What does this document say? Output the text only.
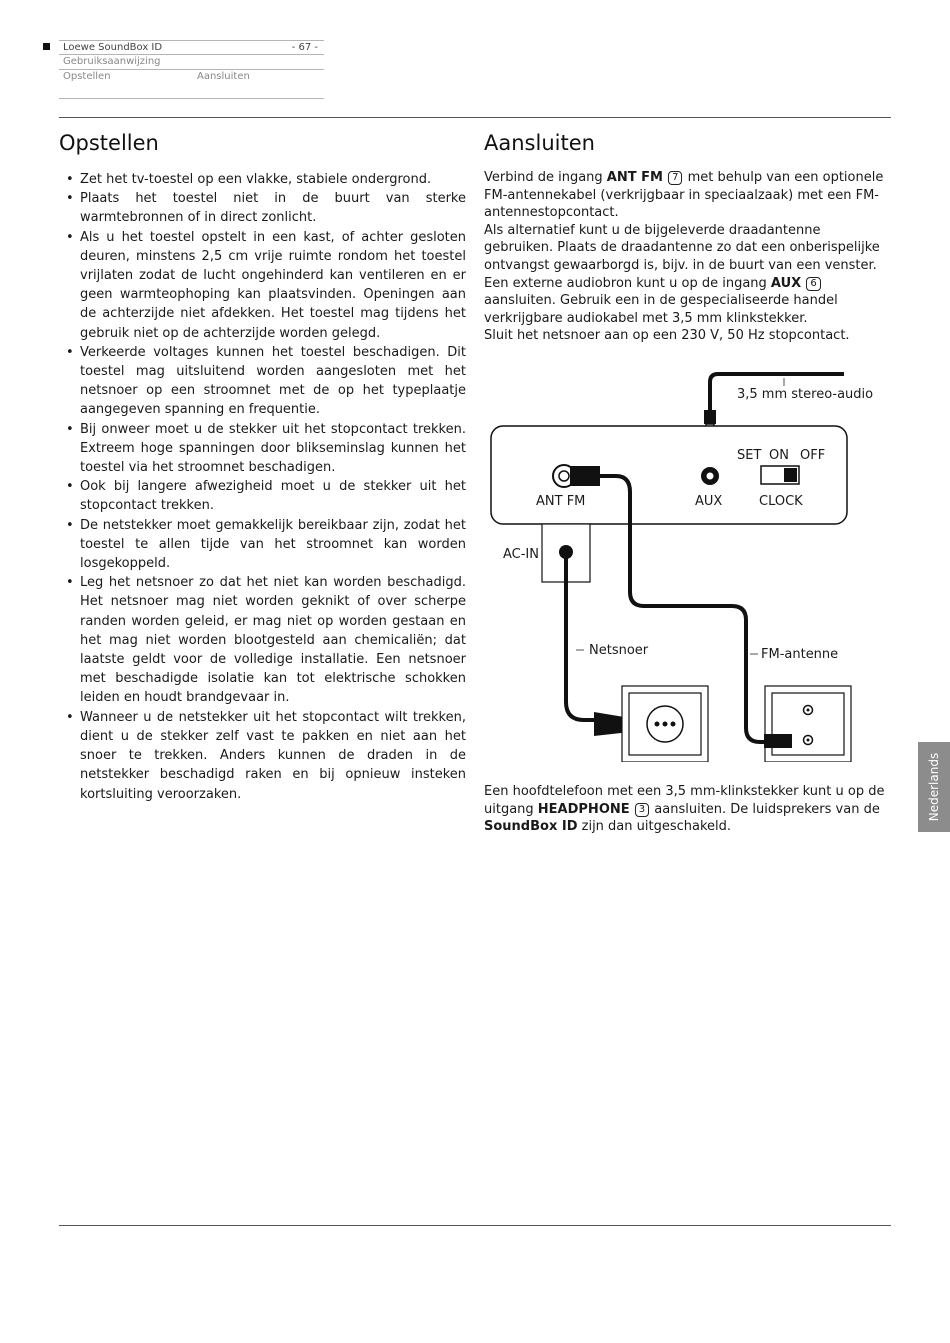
Loewe SoundBox ID	- 67 -
Gebruiksaanwijzing
Opstellen	Aansluiten
Opstellen
• Zet het tv-toestel op een vlakke, stabiele ondergrond.
• Plaats het toestel niet in de buurt van sterke warmtebronnen of in direct zonlicht.
• Als u het toestel opstelt in een kast, of achter gesloten deuren, minstens 2,5 cm vrije ruimte rondom het toestel vrijlaten zodat de lucht ongehinderd kan ventileren en er geen warmteophoping kan plaatsvinden. Openingen aan de achterzijde niet afdekken. Het toestel mag tijdens het gebruik niet op de achterzijde worden gelegd.
• Verkeerde voltages kunnen het toestel beschadigen. Dit toestel mag uitsluitend worden aangesloten met het netsnoer op een stroomnet met de op het typeplaatje aangegeven spanning en frequentie.
• Bij onweer moet u de stekker uit het stopcontact trekken. Extreem hoge spanningen door blikseminslag kunnen het toestel via het stroomnet beschadigen.
• Ook bij langere afwezigheid moet u de stekker uit het stopcontact trekken.
• De netstekker moet gemakkelijk bereikbaar zijn, zodat het toestel te allen tijde van het stroomnet kan worden losgekoppeld.
• Leg het netsnoer zo dat het niet kan worden beschadigd. Het netsnoer mag niet worden geknikt of over scherpe randen worden geleid, er mag niet op worden gestaan en het mag niet worden blootgesteld aan chemicaliën; dat laatste geldt voor de volledige installatie. Een netsnoer met beschadigde isolatie kan tot elektrische schokken leiden en houdt brandgevaar in.
• Wanneer u de netstekker uit het stopcontact wilt trekken, dient u de stekker zelf vast te pakken en niet aan het snoer te trekken. Anders kunnen de draden in de netstekker beschadigd raken en bij opnieuw insteken kortsluiting veroorzaken.
Aansluiten

Verbind de ingang ANT FM 7 met behulp van een optionele FM-antennekabel (verkrijgbaar in speciaalzaak) met een FM-antennestopcontact.

Als alternatief kunt u de bijgeleverde draadantenne gebruiken. Plaats de draadantenne zo dat een onberispelijke ontvangst gewaarborgd is, bijv. in de buurt van een venster.

Een externe audiobron kunt u op de ingang AUX 6 aansluiten. Gebruik een in de gespecialiseerde handel verkrijgbare audiokabel met 3,5 mm klinkstekker.

Sluit het netsnoer aan op een 230 V, 50 Hz stopcontact.

3,5 mm stereo-audio
SET ON OFF
ANT FM	AUX	CLOCK
AC-IN
Netsnoer	FM-antenne

Een hoofdtelefoon met een 3,5 mm-klinkstekker kunt u op de uitgang HEADPHONE 3 aansluiten. De luidsprekers van de SoundBox ID zijn dan uitgeschakeld.

Nederlands
